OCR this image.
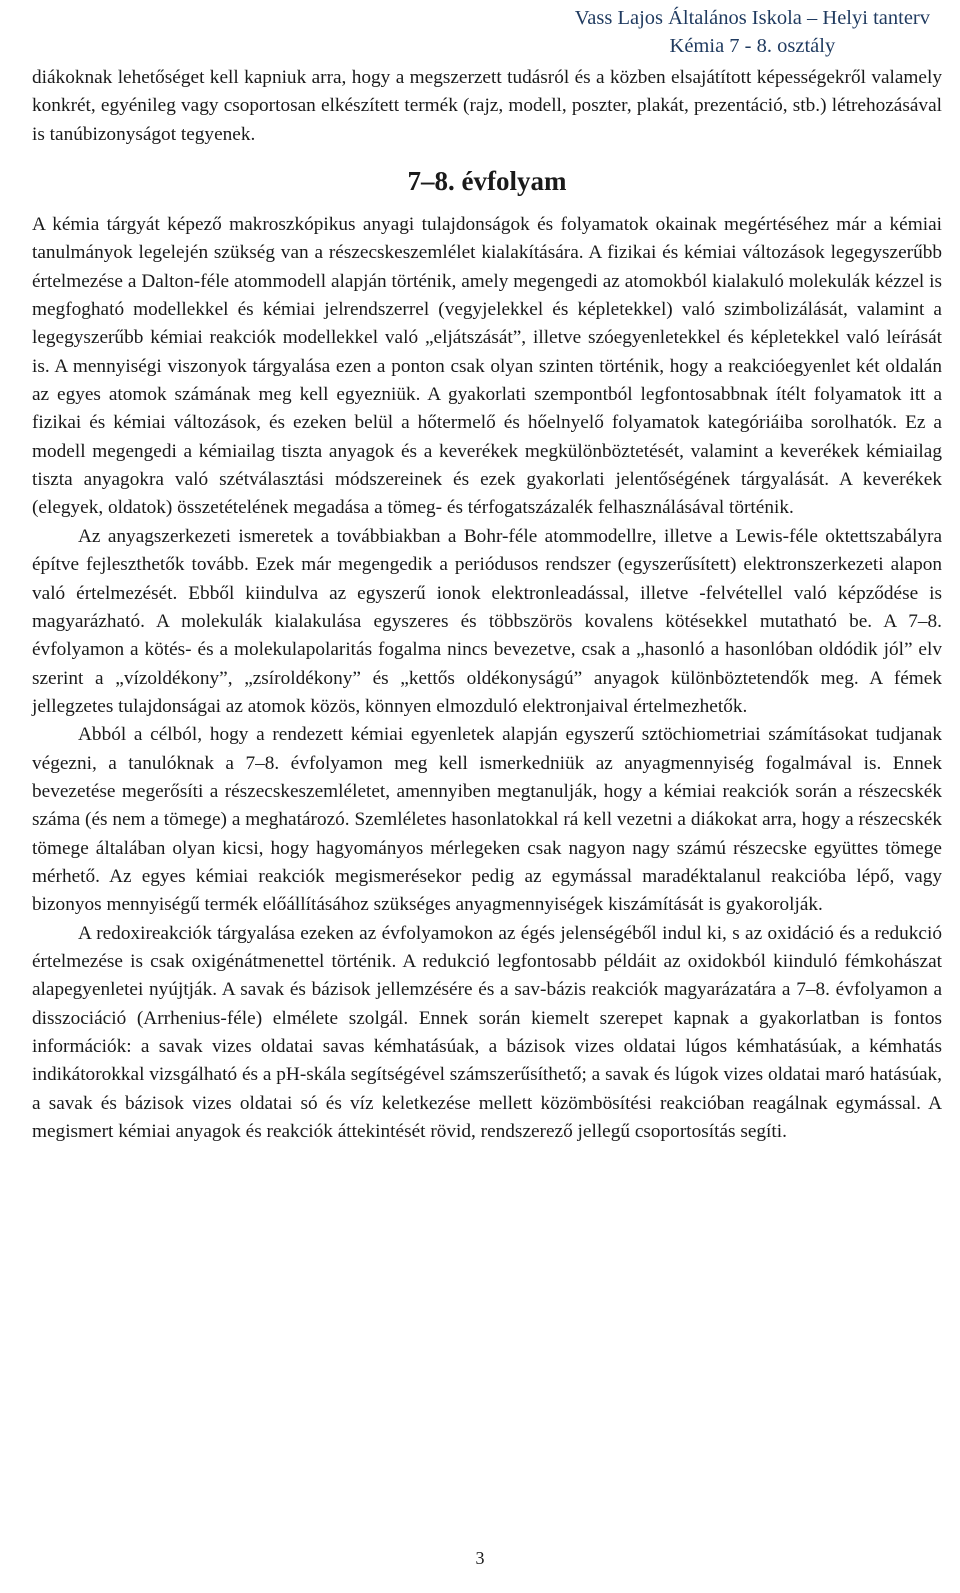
Vass Lajos Általános Iskola – Helyi tanterv
Kémia 7 - 8. osztály

diákoknak lehetőséget kell kapniuk arra, hogy a megszerzett tudásról és a közben elsajátított képességekről valamely konkrét, egyénileg vagy csoportosan elkészített termék (rajz, modell, poszter, plakát, prezentáció, stb.) létrehozásával is tanúbizonyságot tegyenek.

7–8. évfolyam

A kémia tárgyát képező makroszkópikus anyagi tulajdonságok és folyamatok okainak megértéséhez már a kémiai tanulmányok legelején szükség van a részecskeszemlélet kialakítására. A fizikai és kémiai változások legegyszerűbb értelmezése a Dalton-féle atommodell alapján történik, amely megengedi az atomokból kialakuló molekulák kézzel is megfogható modellekkel és kémiai jelrendszerrel (vegyjelekkel és képletekkel) való szimbolizálását, valamint a legegyszerűbb kémiai reakciók modellekkel való „eljátszását”, illetve szóegyenletekkel és képletekkel való leírását is. A mennyiségi viszonyok tárgyalása ezen a ponton csak olyan szinten történik, hogy a reakcióegyenlet két oldalán az egyes atomok számának meg kell egyezniük. A gyakorlati szempontból legfontosabbnak ítélt folyamatok itt a fizikai és kémiai változások, és ezeken belül a hőtermelő és hőelnyelő folyamatok kategóriáiba sorolhatók. Ez a modell megengedi a kémiailag tiszta anyagok és a keverékek megkülönböztetését, valamint a keverékek kémiailag tiszta anyagokra való szétválasztási módszereinek és ezek gyakorlati jelentőségének tárgyalását. A keverékek (elegyek, oldatok) összetételének megadása a tömeg- és térfogatszázalék felhasználásával történik.

Az anyagszerkezeti ismeretek a továbbiakban a Bohr-féle atommodellre, illetve a Lewis-féle oktettszabályra építve fejleszthetők tovább. Ezek már megengedik a periódusos rendszer (egyszerűsített) elektronszerkezeti alapon való értelmezését. Ebből kiindulva az egyszerű ionok elektronleadással, illetve -felvétellel való képződése is magyarázható. A molekulák kialakulása egyszeres és többszörös kovalens kötésekkel mutatható be. A 7–8. évfolyamon a kötés- és a molekulapolaritás fogalma nincs bevezetve, csak a „hasonló a hasonlóban oldódik jól” elv szerint a „vízoldékony”, „zsíroldékony” és „kettős oldékonyságú” anyagok különböztetendők meg. A fémek jellegzetes tulajdonságai az atomok közös, könnyen elmozduló elektronjaival értelmezhetők.

Abból a célból, hogy a rendezett kémiai egyenletek alapján egyszerű sztöchiometriai számításokat tudjanak végezni, a tanulóknak a 7–8. évfolyamon meg kell ismerkedniük az anyagmennyiség fogalmával is. Ennek bevezetése megerősíti a részecskeszemléletet, amennyiben megtanulják, hogy a kémiai reakciók során a részecskék száma (és nem a tömege) a meghatározó. Szemléletes hasonlatokkal rá kell vezetni a diákokat arra, hogy a részecskék tömege általában olyan kicsi, hogy hagyományos mérlegeken csak nagyon nagy számú részecske együttes tömege mérhető. Az egyes kémiai reakciók megismerésekor pedig az egymással maradéktalanul reakcióba lépő, vagy bizonyos mennyiségű termék előállításához szükséges anyagmennyiségek kiszámítását is gyakorolják.

A redoxireakciók tárgyalása ezeken az évfolyamokon az égés jelenségéből indul ki, s az oxidáció és a redukció értelmezése is csak oxigénátmenettel történik. A redukció legfontosabb példáit az oxidokból kiinduló fémkohászat alapegyenletei nyújtják. A savak és bázisok jellemzésére és a sav-bázis reakciók magyarázatára a 7–8. évfolyamon a disszociáció (Arrhenius-féle) elmélete szolgál. Ennek során kiemelt szerepet kapnak a gyakorlatban is fontos információk: a savak vizes oldatai savas kémhatásúak, a bázisok vizes oldatai lúgos kémhatásúak, a kémhatás indikátorokkal vizsgálható és a pH-skála segítségével számszerűsíthető; a savak és lúgok vizes oldatai maró hatásúak, a savak és bázisok vizes oldatai só és víz keletkezése mellett közömbösítési reakcióban reagálnak egymással. A megismert kémiai anyagok és reakciók áttekintését rövid, rendszerező jellegű csoportosítás segíti.

3
